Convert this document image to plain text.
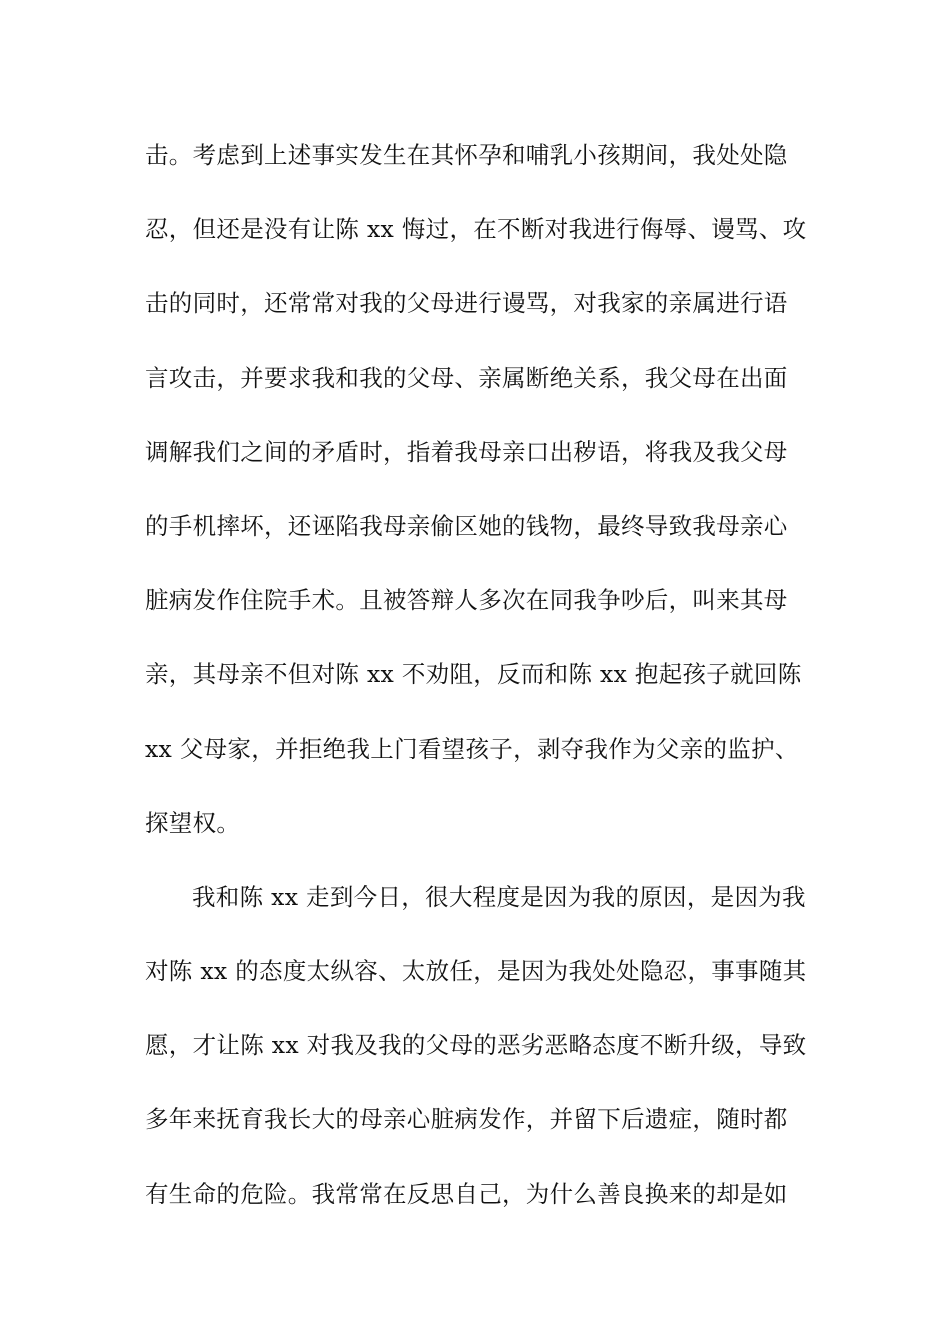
击。考虑到上述事实发生在其怀孕和哺乳小孩期间，我处处隐
忍，但还是没有让陈 xx 悔过，在不断对我进行侮辱、谩骂、攻
击的同时，还常常对我的父母进行谩骂，对我家的亲属进行语
言攻击，并要求我和我的父母、亲属断绝关系，我父母在出面
调解我们之间的矛盾时，指着我母亲口出秽语，将我及我父母
的手机摔坏，还诬陷我母亲偷区她的钱物，最终导致我母亲心
脏病发作住院手术。且被答辩人多次在同我争吵后，叫来其母
亲，其母亲不但对陈 xx 不劝阻，反而和陈 xx 抱起孩子就回陈
xx 父母家，并拒绝我上门看望孩子，剥夺我作为父亲的监护、
探望权。
我和陈 xx 走到今日，很大程度是因为我的原因，是因为我
对陈 xx 的态度太纵容、太放任，是因为我处处隐忍，事事随其
愿，才让陈 xx 对我及我的父母的恶劣恶略态度不断升级，导致
多年来抚育我长大的母亲心脏病发作，并留下后遗症，随时都
有生命的危险。我常常在反思自己，为什么善良换来的却是如
